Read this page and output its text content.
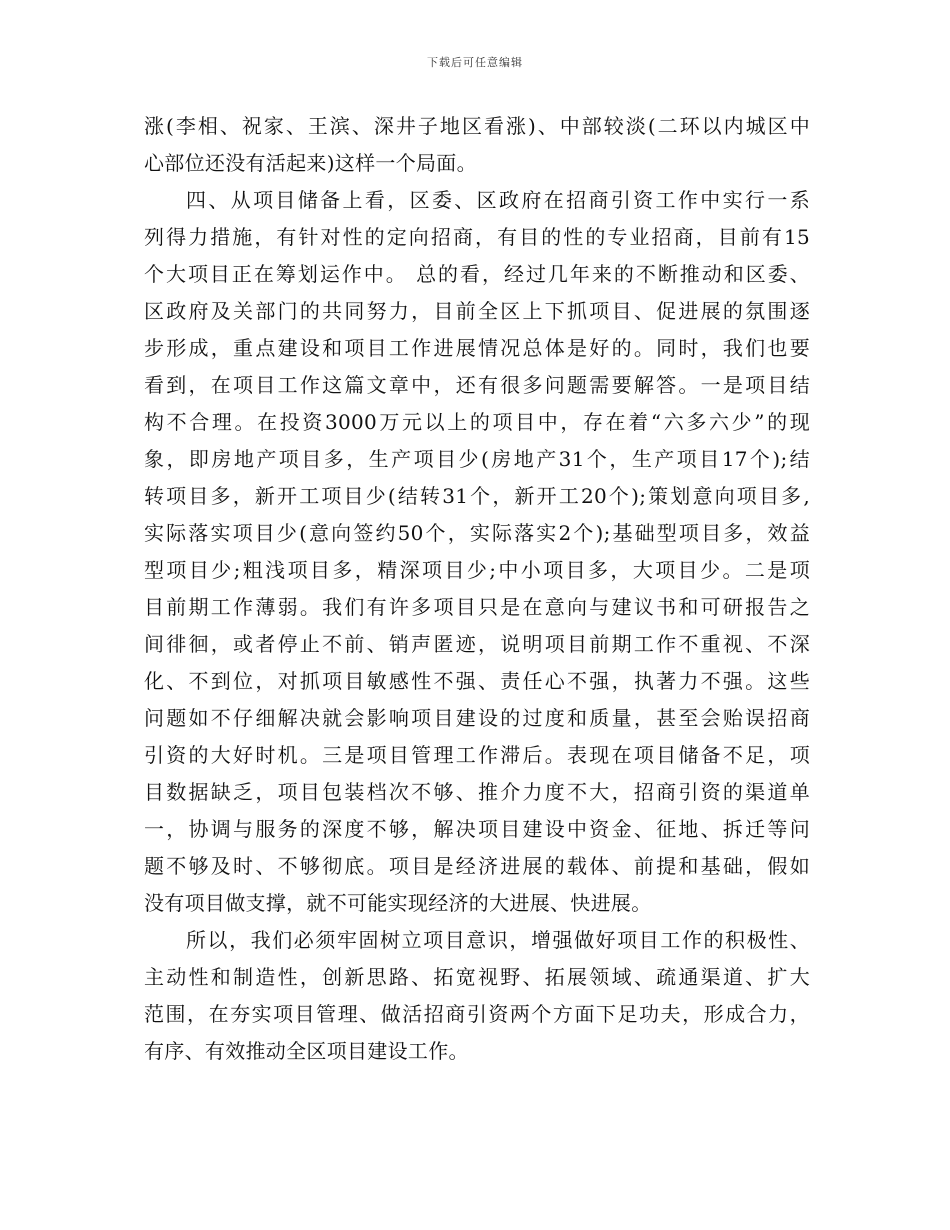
下载后可任意编辑
涨(李相、祝家、王滨、深井子地区看涨)、中部较淡(二环以内城区中
心部位还没有活起来)这样一个局面。
四、从项目储备上看，区委、区政府在招商引资工作中实行一系
列得力措施，有针对性的定向招商，有目的性的专业招商，目前有15
个大项目正在筹划运作中。 总的看，经过几年来的不断推动和区委、
区政府及关部门的共同努力，目前全区上下抓项目、促进展的氛围逐
步形成，重点建设和项目工作进展情况总体是好的。同时，我们也要
看到，在项目工作这篇文章中，还有很多问题需要解答。一是项目结
构不合理。在投资3000万元以上的项目中，存在着“六多六少”的现
象，即房地产项目多，生产项目少(房地产31个，生产项目17个);结
转项目多，新开工项目少(结转31个，新开工20个);策划意向项目多,
实际落实项目少(意向签约50个，实际落实2个);基础型项目多，效益
型项目少;粗浅项目多，精深项目少;中小项目多，大项目少。二是项
目前期工作薄弱。我们有许多项目只是在意向与建议书和可研报告之
间徘徊，或者停止不前、销声匿迹，说明项目前期工作不重视、不深
化、不到位，对抓项目敏感性不强、责任心不强，执著力不强。这些
问题如不仔细解决就会影响项目建设的过度和质量，甚至会贻误招商
引资的大好时机。三是项目管理工作滞后。表现在项目储备不足，项
目数据缺乏，项目包装档次不够、推介力度不大，招商引资的渠道单
一，协调与服务的深度不够，解决项目建设中资金、征地、拆迁等问
题不够及时、不够彻底。项目是经济进展的载体、前提和基础，假如
没有项目做支撑，就不可能实现经济的大进展、快进展。
所以，我们必须牢固树立项目意识，增强做好项目工作的积极性、
主动性和制造性，创新思路、拓宽视野、拓展领域、疏通渠道、扩大
范围，在夯实项目管理、做活招商引资两个方面下足功夫，形成合力，
有序、有效推动全区项目建设工作。
